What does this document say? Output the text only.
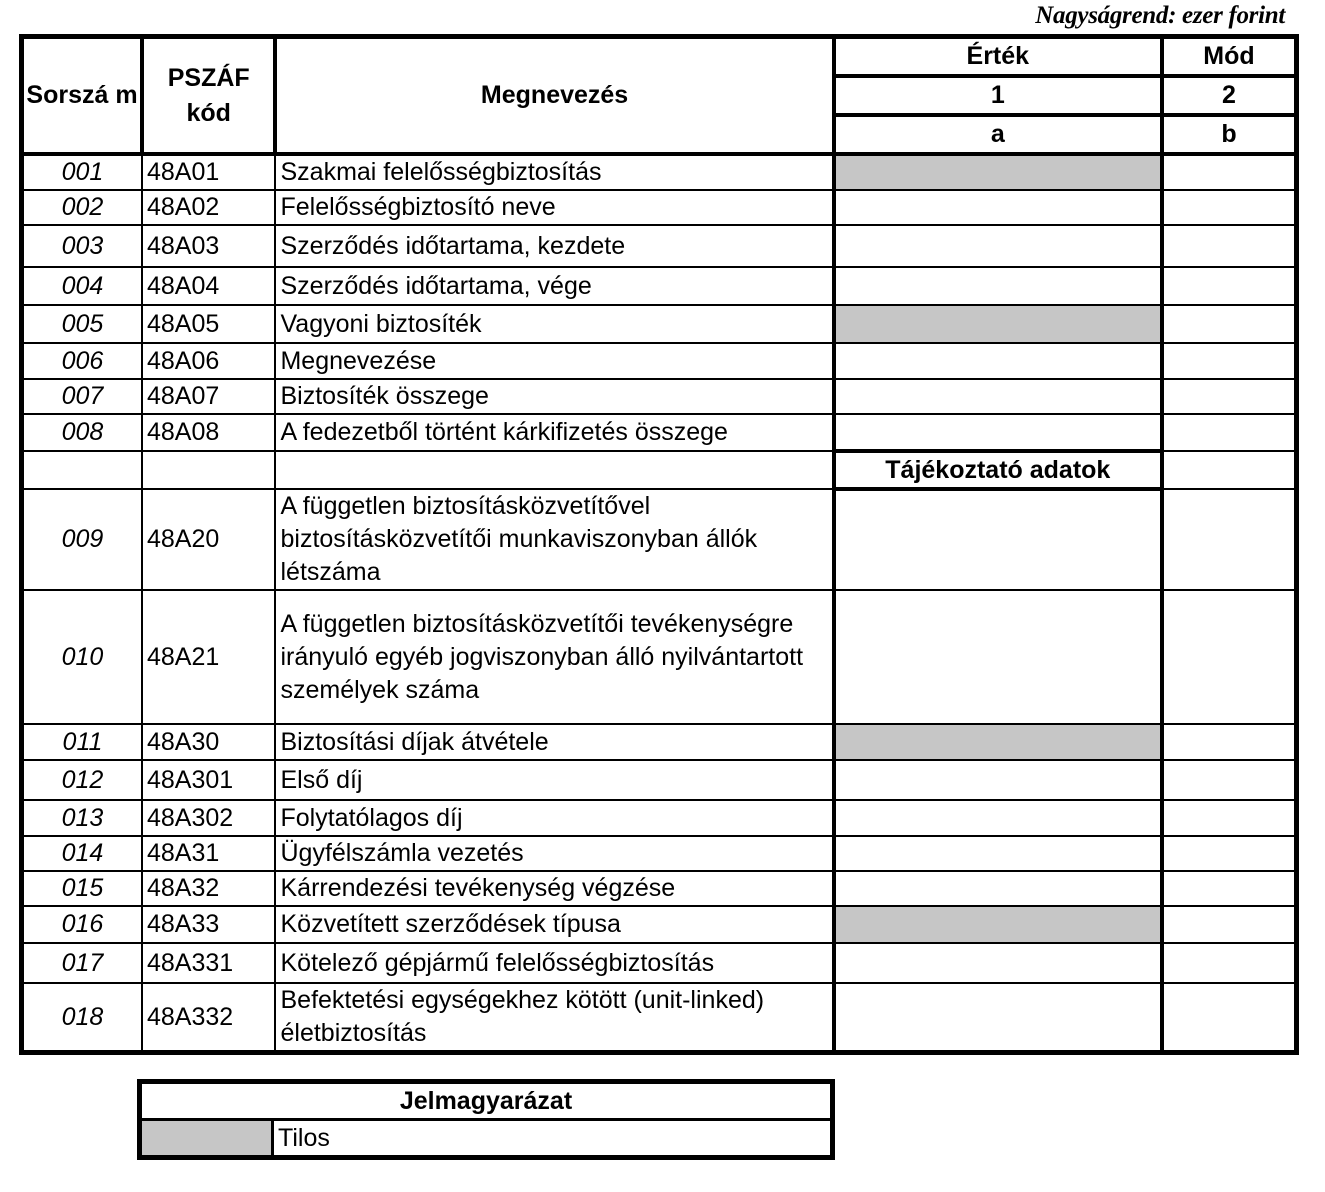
Nagyságrend: ezer forint
Sorszá m	PSZÁF kód	Megnevezés	Érték	Mód
			1	2
			a	b
001	48A01	Szakmai felelősségbiztosítás		
002	48A02	Felelősségbiztosító neve		
003	48A03	Szerződés időtartama, kezdete		
004	48A04	Szerződés időtartama, vége		
005	48A05	Vagyoni biztosíték		
006	48A06	Megnevezése		
007	48A07	Biztosíték összege		
008	48A08	A fedezetből történt kárkifizetés összege		
			Tájékoztató adatok	
009	48A20	A független biztosításközvetítővel biztosításközvetítői munkaviszonyban állók létszáma		
010	48A21	A független biztosításközvetítői tevékenységre irányuló egyéb jogviszonyban álló nyilvántartott személyek száma		
011	48A30	Biztosítási díjak átvétele		
012	48A301	Első díj		
013	48A302	Folytatólagos díj		
014	48A31	Ügyfélszámla vezetés		
015	48A32	Kárrendezési tevékenység végzése		
016	48A33	Közvetített szerződések típusa		
017	48A331	Kötelező gépjármű felelősségbiztosítás		
018	48A332	Befektetési egységekhez kötött (unit-linked) életbiztosítás		
Jelmagyarázat
	Tilos
